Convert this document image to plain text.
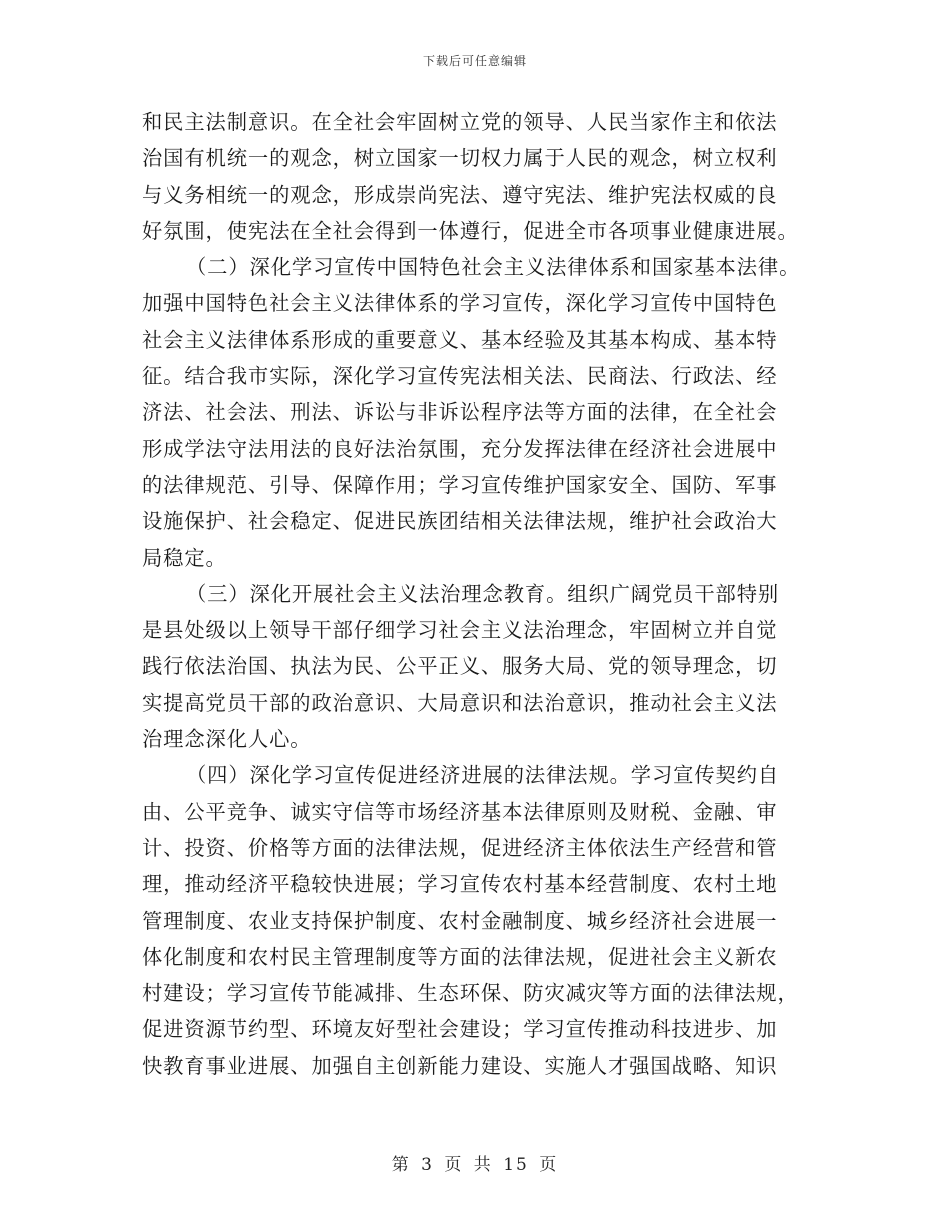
下载后可任意编辑
和民主法制意识。在全社会牢固树立党的领导、人民当家作主和依法
治国有机统一的观念，树立国家一切权力属于人民的观念，树立权利
与义务相统一的观念，形成崇尚宪法、遵守宪法、维护宪法权威的良
好氛围，使宪法在全社会得到一体遵行，促进全市各项事业健康进展。
（二）深化学习宣传中国特色社会主义法律体系和国家基本法律。
加强中国特色社会主义法律体系的学习宣传，深化学习宣传中国特色
社会主义法律体系形成的重要意义、基本经验及其基本构成、基本特
征。结合我市实际，深化学习宣传宪法相关法、民商法、行政法、经
济法、社会法、刑法、诉讼与非诉讼程序法等方面的法律，在全社会
形成学法守法用法的良好法治氛围，充分发挥法律在经济社会进展中
的法律规范、引导、保障作用；学习宣传维护国家安全、国防、军事
设施保护、社会稳定、促进民族团结相关法律法规，维护社会政治大
局稳定。
（三）深化开展社会主义法治理念教育。组织广阔党员干部特别
是县处级以上领导干部仔细学习社会主义法治理念，牢固树立并自觉
践行依法治国、执法为民、公平正义、服务大局、党的领导理念，切
实提高党员干部的政治意识、大局意识和法治意识，推动社会主义法
治理念深化人心。
（四）深化学习宣传促进经济进展的法律法规。学习宣传契约自
由、公平竞争、诚实守信等市场经济基本法律原则及财税、金融、审
计、投资、价格等方面的法律法规，促进经济主体依法生产经营和管
理，推动经济平稳较快进展；学习宣传农村基本经营制度、农村土地
管理制度、农业支持保护制度、农村金融制度、城乡经济社会进展一
体化制度和农村民主管理制度等方面的法律法规，促进社会主义新农
村建设；学习宣传节能减排、生态环保、防灾减灾等方面的法律法规，
促进资源节约型、环境友好型社会建设；学习宣传推动科技进步、加
快教育事业进展、加强自主创新能力建设、实施人才强国战略、知识
第 3 页 共 15 页
